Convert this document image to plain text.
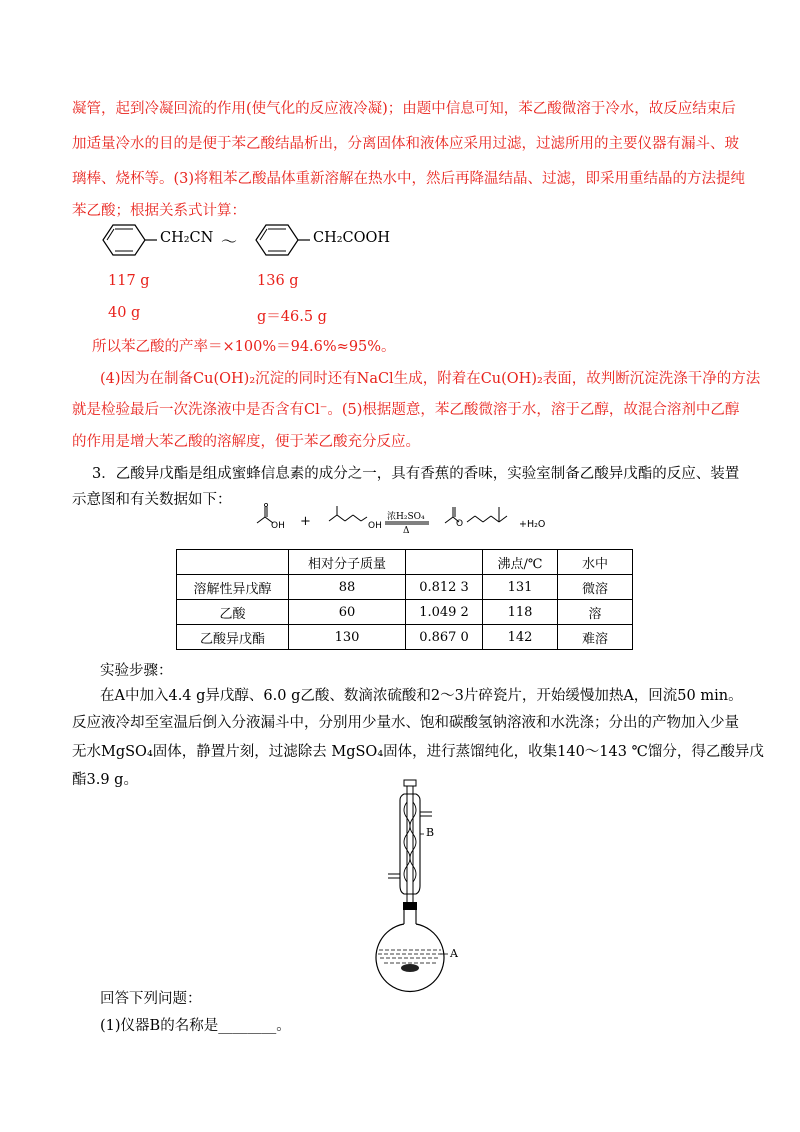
凝管，起到冷凝回流的作用(使气化的反应液冷凝)；由题中信息可知，苯乙酸微溶于冷水，故反应结束后
加适量冷水的目的是便于苯乙酸结晶析出，分离固体和液体应采用过滤，过滤所用的主要仪器有漏斗、玻
璃棒、烧杯等。(3)将粗苯乙酸晶体重新溶解在热水中，然后再降温结晶、过滤，即采用重结晶的方法提纯
苯乙酸；根据关系式计算：
CH₂CN ～	CH₂COOH
117 g	136 g
40 g	g＝46.5 g
所以苯乙酸的产率＝×100%＝94.6%≈95%。
(4)因为在制备Cu(OH)₂沉淀的同时还有NaCl生成，附着在Cu(OH)₂表面，故判断沉淀洗涤干净的方法
就是检验最后一次洗涤液中是否含有Cl⁻。(5)根据题意，苯乙酸微溶于水，溶于乙醇，故混合溶剂中乙醇
的作用是增大苯乙酸的溶解度，便于苯乙酸充分反应。
3．乙酸异戊酯是组成蜜蜂信息素的成分之一，具有香蕉的香味，实验室制备乙酸异戊酯的反应、装置
示意图和有关数据如下：
OH +	OH
浓H₂SO₄
Δ
O	+H₂O
	相对分子质量		沸点/℃	水中
溶解性异戊醇	88	0.812 3	131	微溶
乙酸	60	1.049 2	118	溶
乙酸异戊酯	130	0.867 0	142	难溶
实验步骤：
在A中加入4.4 g异戊醇、6.0 g乙酸、数滴浓硫酸和2～3片碎瓷片，开始缓慢加热A，回流50 min。
反应液冷却至室温后倒入分液漏斗中，分别用少量水、饱和碳酸氢钠溶液和水洗涤；分出的产物加入少量
无水MgSO₄固体，静置片刻，过滤除去 MgSO₄固体，进行蒸馏纯化，收集140～143 ℃馏分，得乙酸异戊
酯3.9 g。
B
A
回答下列问题：
(1)仪器B的名称是________。
